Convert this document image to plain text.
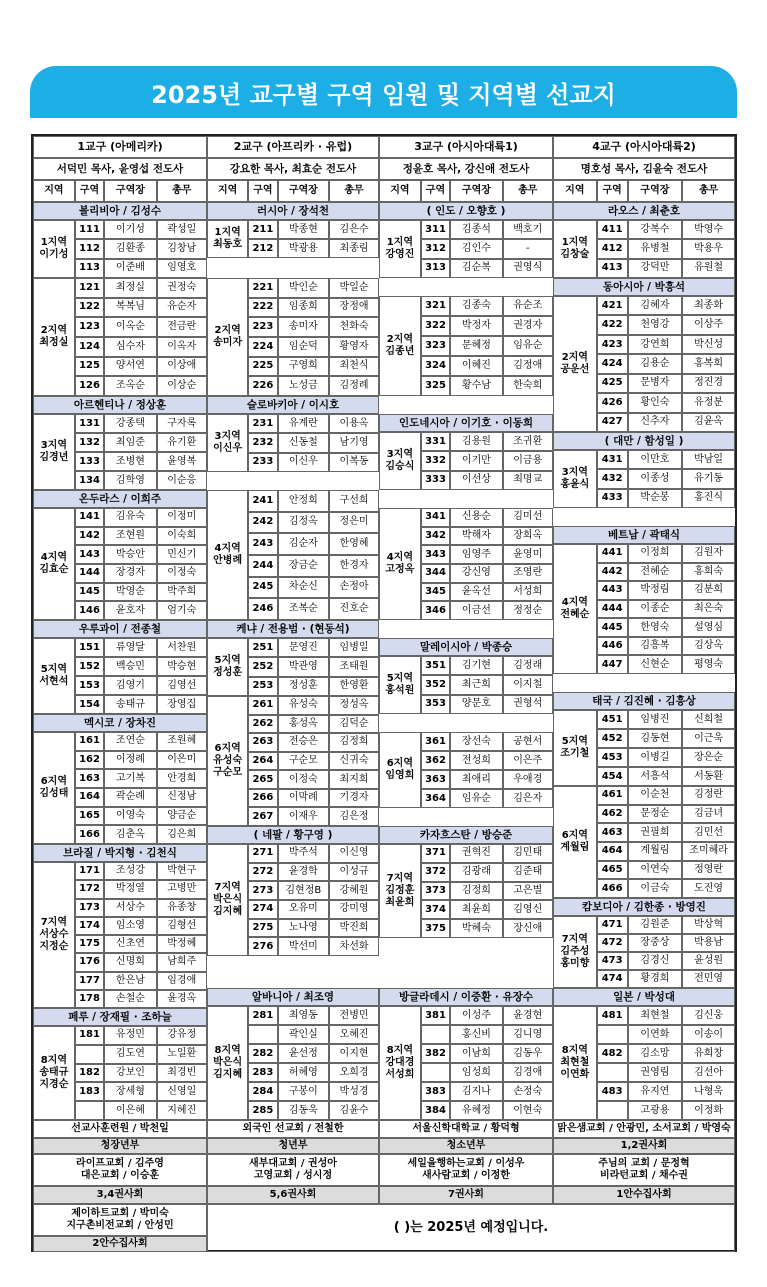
2025년 교구별 구역 임원 및 지역별 선교지
1교구 (아메리카)
서덕민 목사, 윤영섭 전도사
지역	구역	구역장	총무
2교구 (아프리카 · 유럽)
강요한 목사, 최효순 전도사
지역	구역	구역장	총무
3교구 (아시아대륙1)
정윤호 목사, 강신애 전도사
지역	구역	구역장	총무
4교구 (아시아대륙2)
명호성 목사, 김윤숙 전도사
지역	구역	구역장	총무
볼리비아 / 김성수
1지역
이기성
111	이기성	곽성일
112	김환종	김창남
113	이준배	임영호
2지역
최정실
121	최정실	권정숙
122	복복님	유순자
123	이옥순	전금란
124	심수자	이옥자
125	양서연	이상애
126	조옥순	이상순
아르헨티나 / 정상훈
3지역
김경년
131	강종택	구자록
132	최임준	유기환
133	조병현	윤영복
134	김학영	이순응
온두라스 / 이희주
4지역
김효순
141	김유숙	이정미
142	조현원	이숙희
143	박승안	민신기
144	장경자	이정숙
145	박영순	박주희
146	윤호자	엄기숙
우루과이 / 전종철
5지역
서현석
151	류영달	서찬원
152	백승민	박승현
153	김영기	김영선
154	송태규	장영집
멕시코 / 장차진
6지역
김성태
161	조연순	조원혜
162	이정례	이은미
163	고기복	안경희
164	곽순례	신정남
165	이영숙	양금순
166	김춘옥	김은희
브라질 / 박지형 · 김천식
7지역
서상수
지정순
171	조성강	박현구
172	박정열	고병만
173	서상수	유종창
174	임소영	김형선
175	신초연	박정혜
176	신명희	남희주
177	한은남	임경애
178	손철순	윤경옥
페루 / 장재필 · 조하늘
8지역
송태규
지경순
181	유정민	강유정
김도연	노일환
182	강보인	최경빈
183	장세형	신영일
이은혜	지혜진
러시아 / 장석천
1지역
최동호
211	박종현	김은수
212	박광용	최종림
2지역
송미자
221	박인순	박일순
222	임종희	장정애
223	송미자	천화숙
224	임순덕	황영자
225	구영희	최천식
226	노성금	김정례
슬로바키아 / 이시호
3지역
이신우
231	유계란	이용옥
232	신동철	남기영
233	이신우	이복동
4지역
안병례
241	안정희	구선희
242	김정옥	정은미
243	김순자	한영혜
244	장금순	한경자
245	차순신	손정아
246	조복순	진호순
케냐 / 전용범 · (현동석)
5지역
정성훈
251	문영진	임병일
252	박관영	조태원
253	정성훈	한영환
6지역
유성숙
구순모
261	유성숙	정성옥
262	홍성옥	김덕순
263	전승은	김정희
264	구순모	신귀숙
265	이정숙	최지희
266	이막례	기경자
267	이재우	김은정
( 네팔 / 황구영 )
7지역
박은식
김지혜
271	박주석	이신영
272	윤경학	이성규
273	김현정B	강혜원
274	오유미	강미영
275	노나영	박진희
276	박선미	차선화
알바니아 / 최조영
8지역
박은식
김지혜
281	최영동	전병민
곽인실	오혜진
282	윤선정	이지현
283	허혜영	오희경
284	구봉이	박성경
285	김동욱	김윤수
( 인도 / 오향호 )
1지역
강영진
311	김종석	백호기
312	김인수	-
313	김순복	권영식
2지역
김종년
321	김종숙	유순조
322	박정자	권경자
323	문혜정	임유순
324	이혜진	김정애
325	황수남	한숙희
인도네시아 / 이기호 · 이동희
3지역
김승식
331	김용원	조귀환
332	이기만	이금용
333	이선상	최명교
4지역
고정옥
341	신용순	김미선
342	박해자	장희옥
343	임영주	윤영미
344	강신영	조영란
345	윤옥선	서성희
346	이금선	정정순
말레이시아 / 박종승
5지역
홍석원
351	김기현	김정래
352	최근희	이지철
353	양문호	권형석
6지역
임영희
361	장선숙	공현서
362	전성희	이은주
363	최애리	우애경
364	임유순	김은자
카자흐스탄 / 방승준
7지역
김정훈
최윤희
371	권혁진	김민태
372	김광래	김준태
373	김정희	고은별
374	최윤희	김영신
375	박혜숙	장신애
방글라데시 / 이중환 · 유장수
8지역
강대경
서성희
381	이성주	윤경현
홍신비	김니영
382	이남희	김동우
임성희	김경애
383	김지나	손정숙
384	유혜정	이현숙
라오스 / 최춘호
1지역
김창술
411	강복수	박영수
412	유병철	박용우
413	강덕만	유원철
동아시아 / 박흥석
2지역
공운선
421	김혜자	최종화
422	천영강	이상주
423	강연희	박신성
424	김용순	홍복희
425	문병자	정진경
426	황인숙	유정분
427	신추자	김윤옥
( 대만 / 함성일 )
3지역
홍윤식
431	이만호	박남일
432	이종성	유기동
433	박순봉	홍진식
베트남 / 곽태식
4지역
전혜순
441	이정희	김원자
442	전혜순	홍희숙
443	박정림	김분희
444	이종순	최은숙
445	한영숙	설영심
446	김흥복	김상옥
447	신현순	평영숙
태국 / 김진혜 · 김흥상
5지역
조기철
451	임병진	신희철
452	김동현	이근욱
453	이병길	장은순
454	서흥석	서동환
6지역
계월림
461	이순천	김정란
462	문정순	김금녀
463	권필희	김민선
464	계월림	조미혜라
465	이연숙	정영란
466	이금숙	도진영
캄보디아 / 김한종 · 방영진
7지역
김주성
홍미향
471	김원준	박상혁
472	장중상	박용남
473	김경신	윤성원
474	황경희	전민영
일본 / 박성대
8지역
최현철
이연화
481	최현철	김신웅
이연화	이송이
482	김소망	유희창
권영림	김선아
483	유지연	나형욱
고광용	이정화
선교사훈련원 / 박천일
청장년부
라이프교회 / 김주영
대은교회 / 이승훈
3,4권사회
외국인 선교회 / 전철한
청년부
새부대교회 / 권성아
고영교회 / 성시정
5,6권사회
서울신학대학교 / 황덕형
청소년부
세일을행하는교회 / 이성우
새사람교회 / 이정한
7권사회
맑은샘교회 / 안광민, 소서교회 / 박영숙
1,2권사회
주님의 교회 / 문정혁
비라턴교회 / 채수권
1안수집사회
제이하트교회 / 박미숙
지구촌비전교회 / 안성민
2안수집사회
( )는 2025년 예정입니다.
